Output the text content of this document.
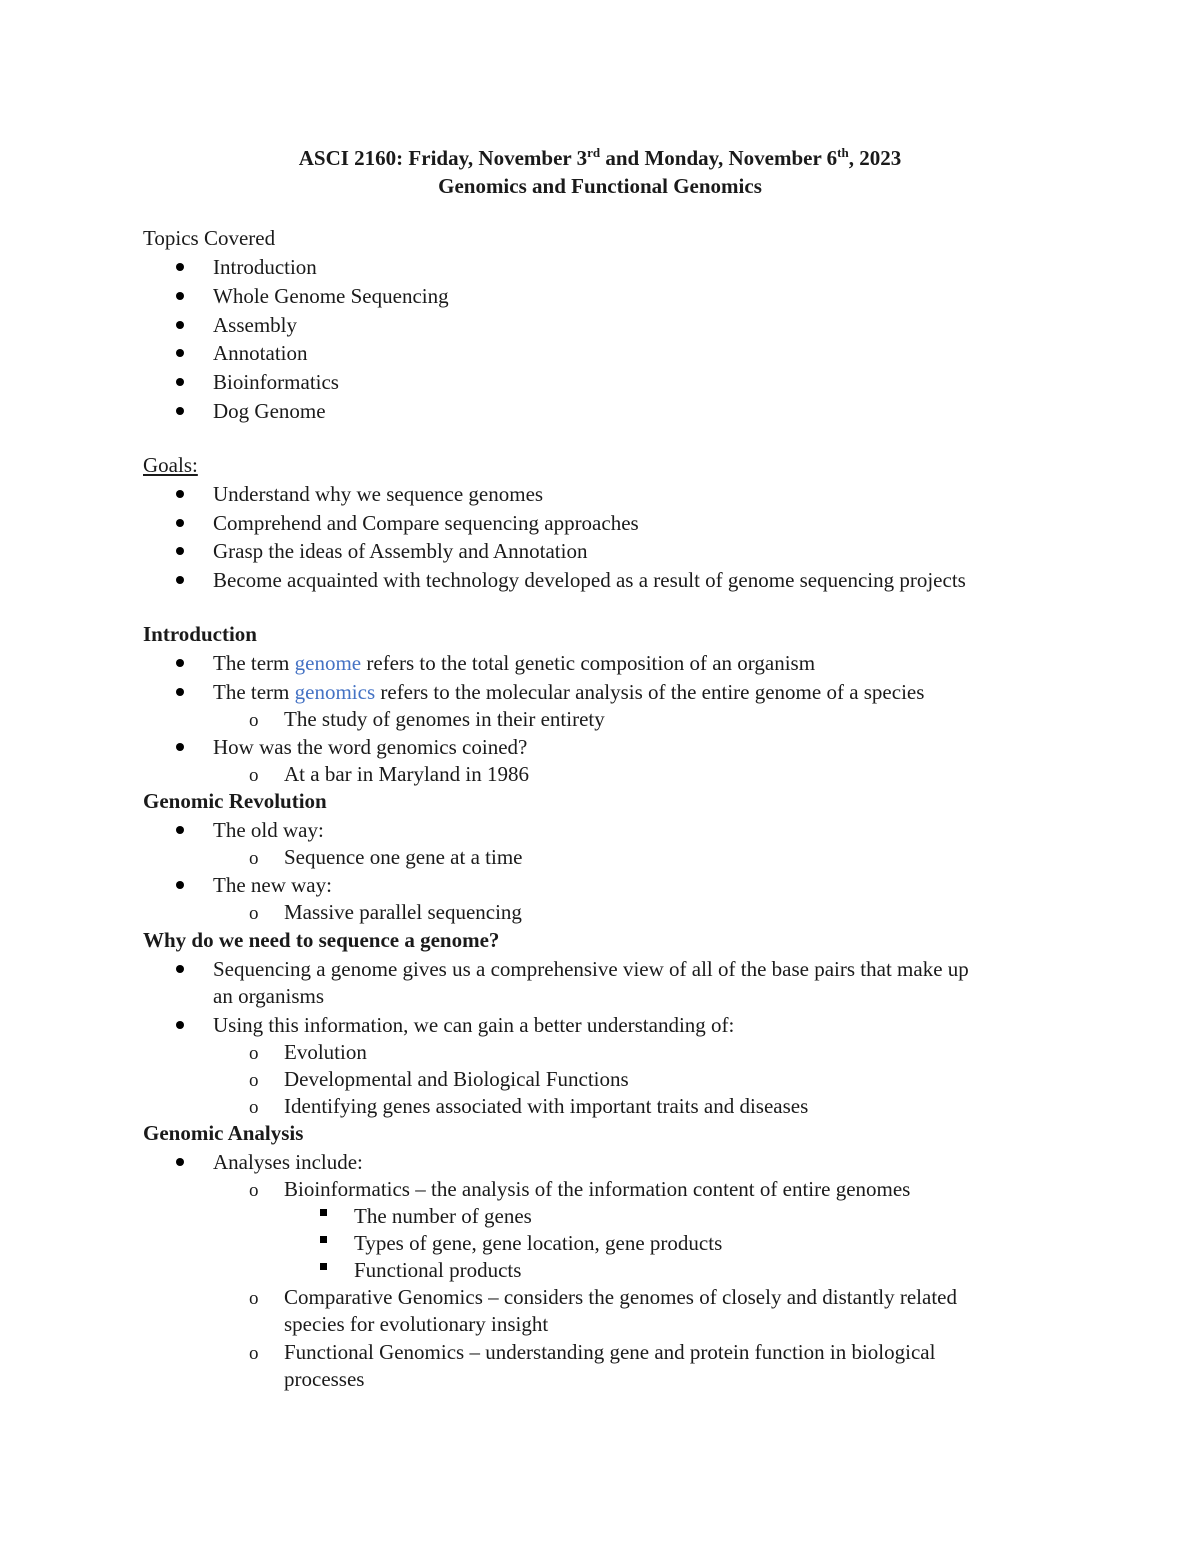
ASCI 2160: Friday, November 3rd and Monday, November 6th, 2023
Genomics and Functional Genomics
Topics Covered
Introduction
Whole Genome Sequencing
Assembly
Annotation
Bioinformatics
Dog Genome
Goals:
Understand why we sequence genomes
Comprehend and Compare sequencing approaches
Grasp the ideas of Assembly and Annotation
Become acquainted with technology developed as a result of genome sequencing projects
Introduction
The term genome refers to the total genetic composition of an organism
The term genomics refers to the molecular analysis of the entire genome of a species
o The study of genomes in their entirety
How was the word genomics coined?
o At a bar in Maryland in 1986
Genomic Revolution
The old way:
o Sequence one gene at a time
The new way:
o Massive parallel sequencing
Why do we need to sequence a genome?
Sequencing a genome gives us a comprehensive view of all of the base pairs that make up
an organisms
Using this information, we can gain a better understanding of:
o Evolution
o Developmental and Biological Functions
o Identifying genes associated with important traits and diseases
Genomic Analysis
Analyses include:
o Bioinformatics – the analysis of the information content of entire genomes
The number of genes
Types of gene, gene location, gene products
Functional products
o Comparative Genomics – considers the genomes of closely and distantly related
species for evolutionary insight
o Functional Genomics – understanding gene and protein function in biological
processes
